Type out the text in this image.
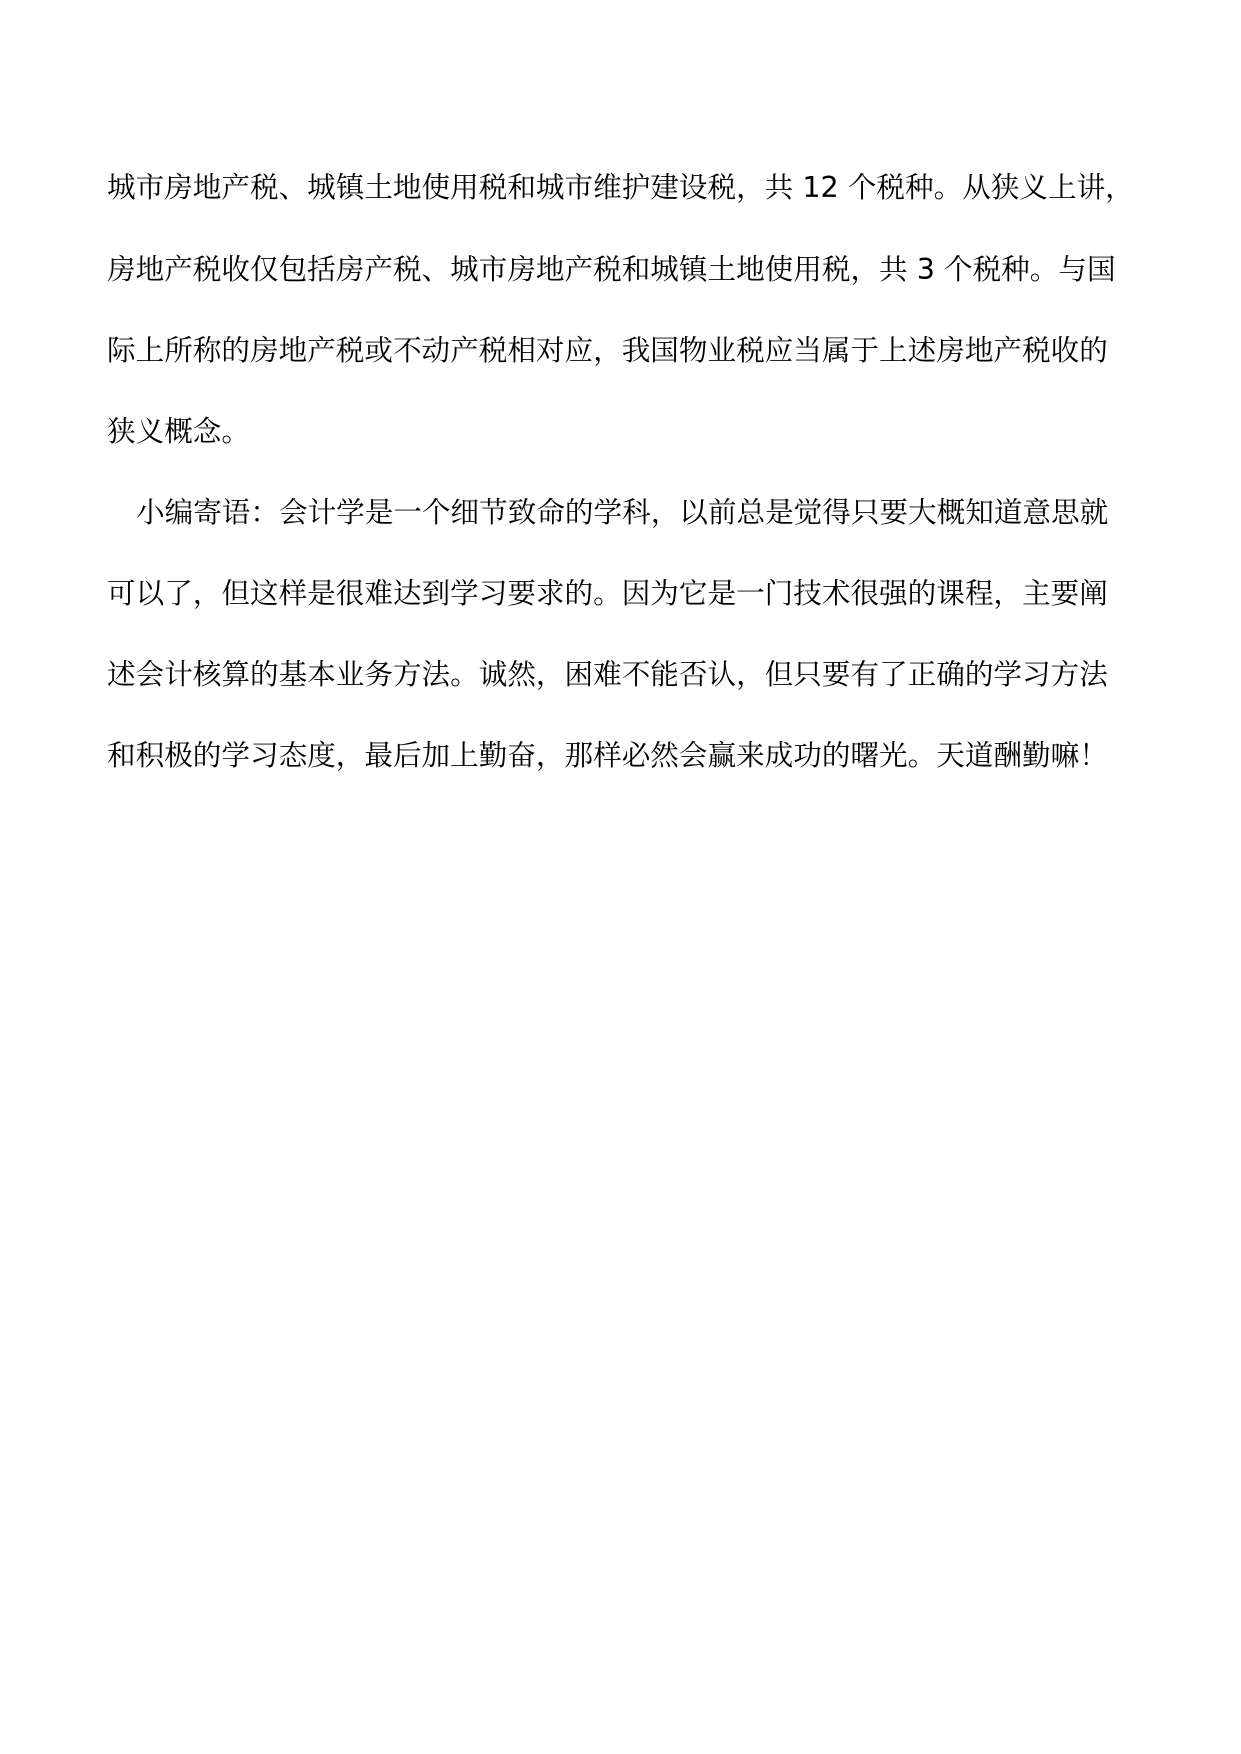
城市房地产税、城镇土地使用税和城市维护建设税，共 12 个税种。从狭义上讲，
房地产税收仅包括房产税、城市房地产税和城镇土地使用税，共 3 个税种。与国
际上所称的房地产税或不动产税相对应，我国物业税应当属于上述房地产税收的
狭义概念。
小编寄语：会计学是一个细节致命的学科，以前总是觉得只要大概知道意思就
可以了，但这样是很难达到学习要求的。因为它是一门技术很强的课程，主要阐
述会计核算的基本业务方法。诚然，困难不能否认，但只要有了正确的学习方法
和积极的学习态度，最后加上勤奋，那样必然会赢来成功的曙光。天道酬勤嘛！
